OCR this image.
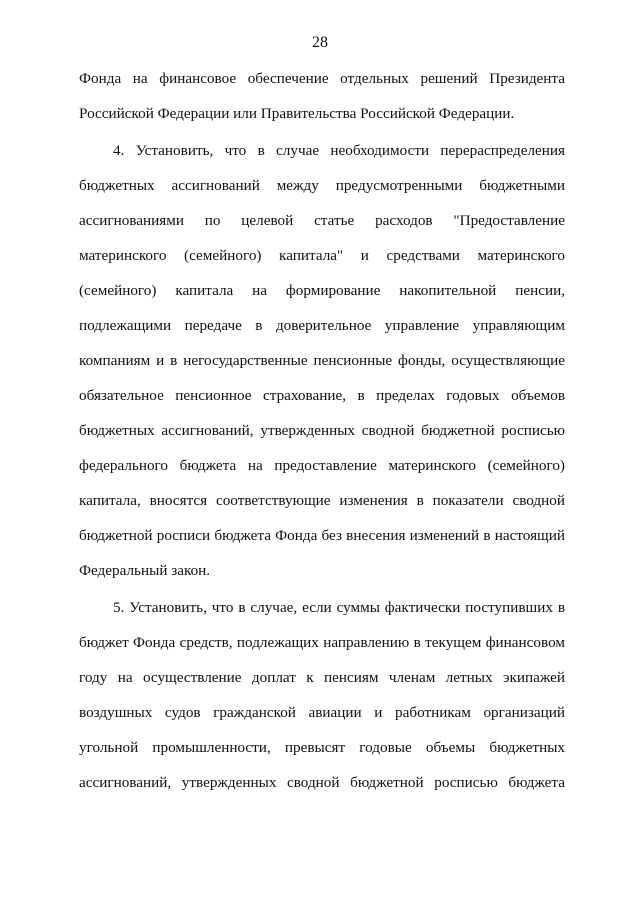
28
Фонда на финансовое обеспечение отдельных решений Президента
Российской Федерации или Правительства Российской Федерации.
4. Установить, что в случае необходимости перераспределения
бюджетных ассигнований между предусмотренными бюджетными
ассигнованиями по целевой статье расходов "Предоставление
материнского (семейного) капитала" и средствами материнского
(семейного) капитала на формирование накопительной пенсии,
подлежащими передаче в доверительное управление управляющим
компаниям и в негосударственные пенсионные фонды, осуществляющие
обязательное пенсионное страхование, в пределах годовых объемов
бюджетных ассигнований, утвержденных сводной бюджетной росписью
федерального бюджета на предоставление материнского (семейного)
капитала, вносятся соответствующие изменения в показатели сводной
бюджетной росписи бюджета Фонда без внесения изменений в настоящий
Федеральный закон.
5. Установить, что в случае, если суммы фактически поступивших в
бюджет Фонда средств, подлежащих направлению в текущем финансовом
году на осуществление доплат к пенсиям членам летных экипажей
воздушных судов гражданской авиации и работникам организаций
угольной промышленности, превысят годовые объемы бюджетных
ассигнований, утвержденных сводной бюджетной росписью бюджета
